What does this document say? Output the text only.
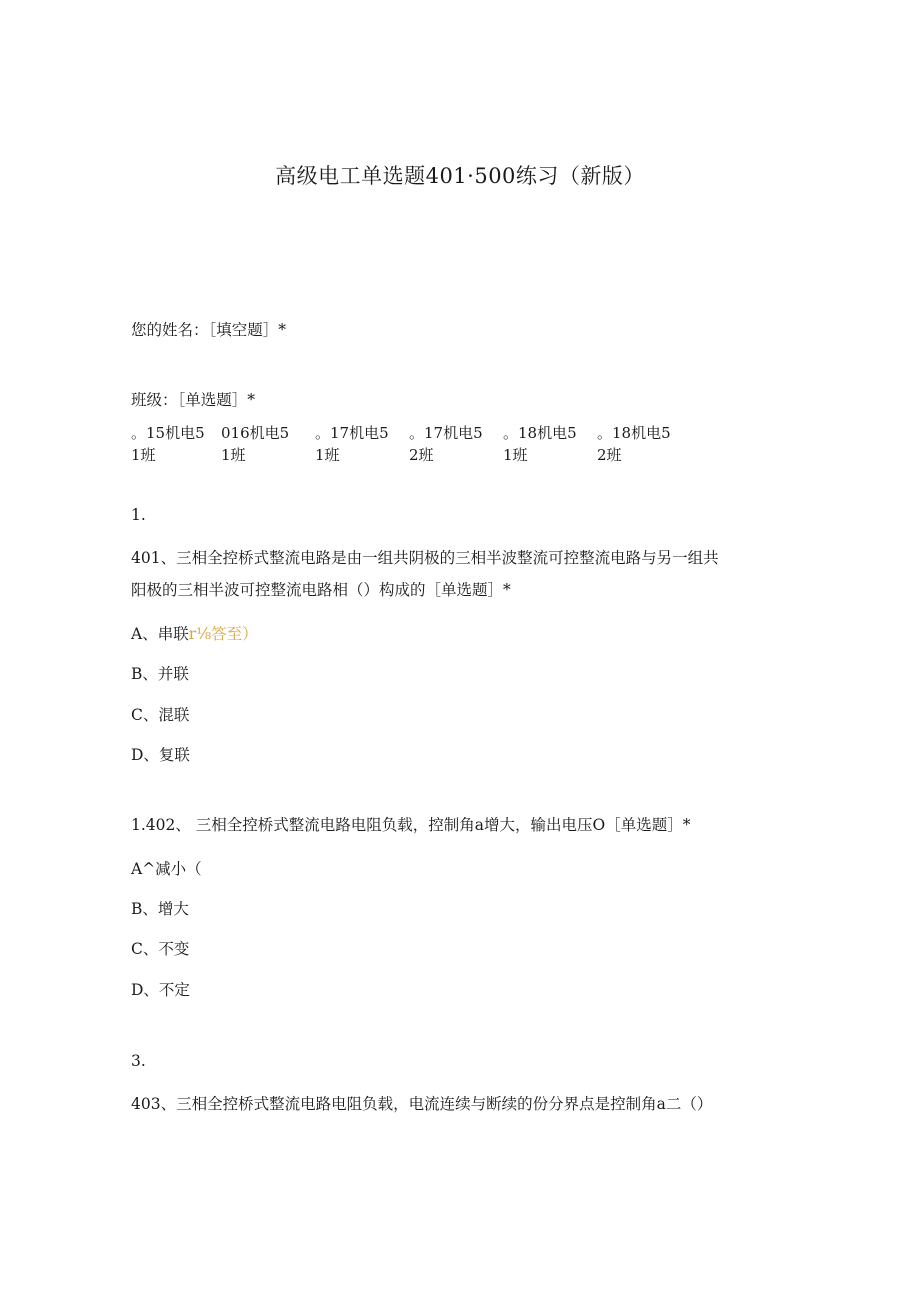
高级电工单选题401·500练习（新版）
您的姓名：［填空题］*
班级：［单选题］*
。15机电5
1班
016机电5
1班
。17机电5
1班
。17机电5
2班
。18机电5
1班
。18机电5
2班
1.
401、三相全控桥式整流电路是由一组共阴极的三相半波整流可控整流电路与另一组共
阳极的三相半波可控整流电路相（）构成的［单选题］*
A、串联r⅛答至）
B、并联
C、混联
D、复联
1.402、 三相全控桥式整流电路电阻负载，控制角a增大，输出电压O［单选题］*
A^减小（
B、增大
C、不变
D、不定
3.
403、三相全控桥式整流电路电阻负载，电流连续与断续的份分界点是控制角a二（）
